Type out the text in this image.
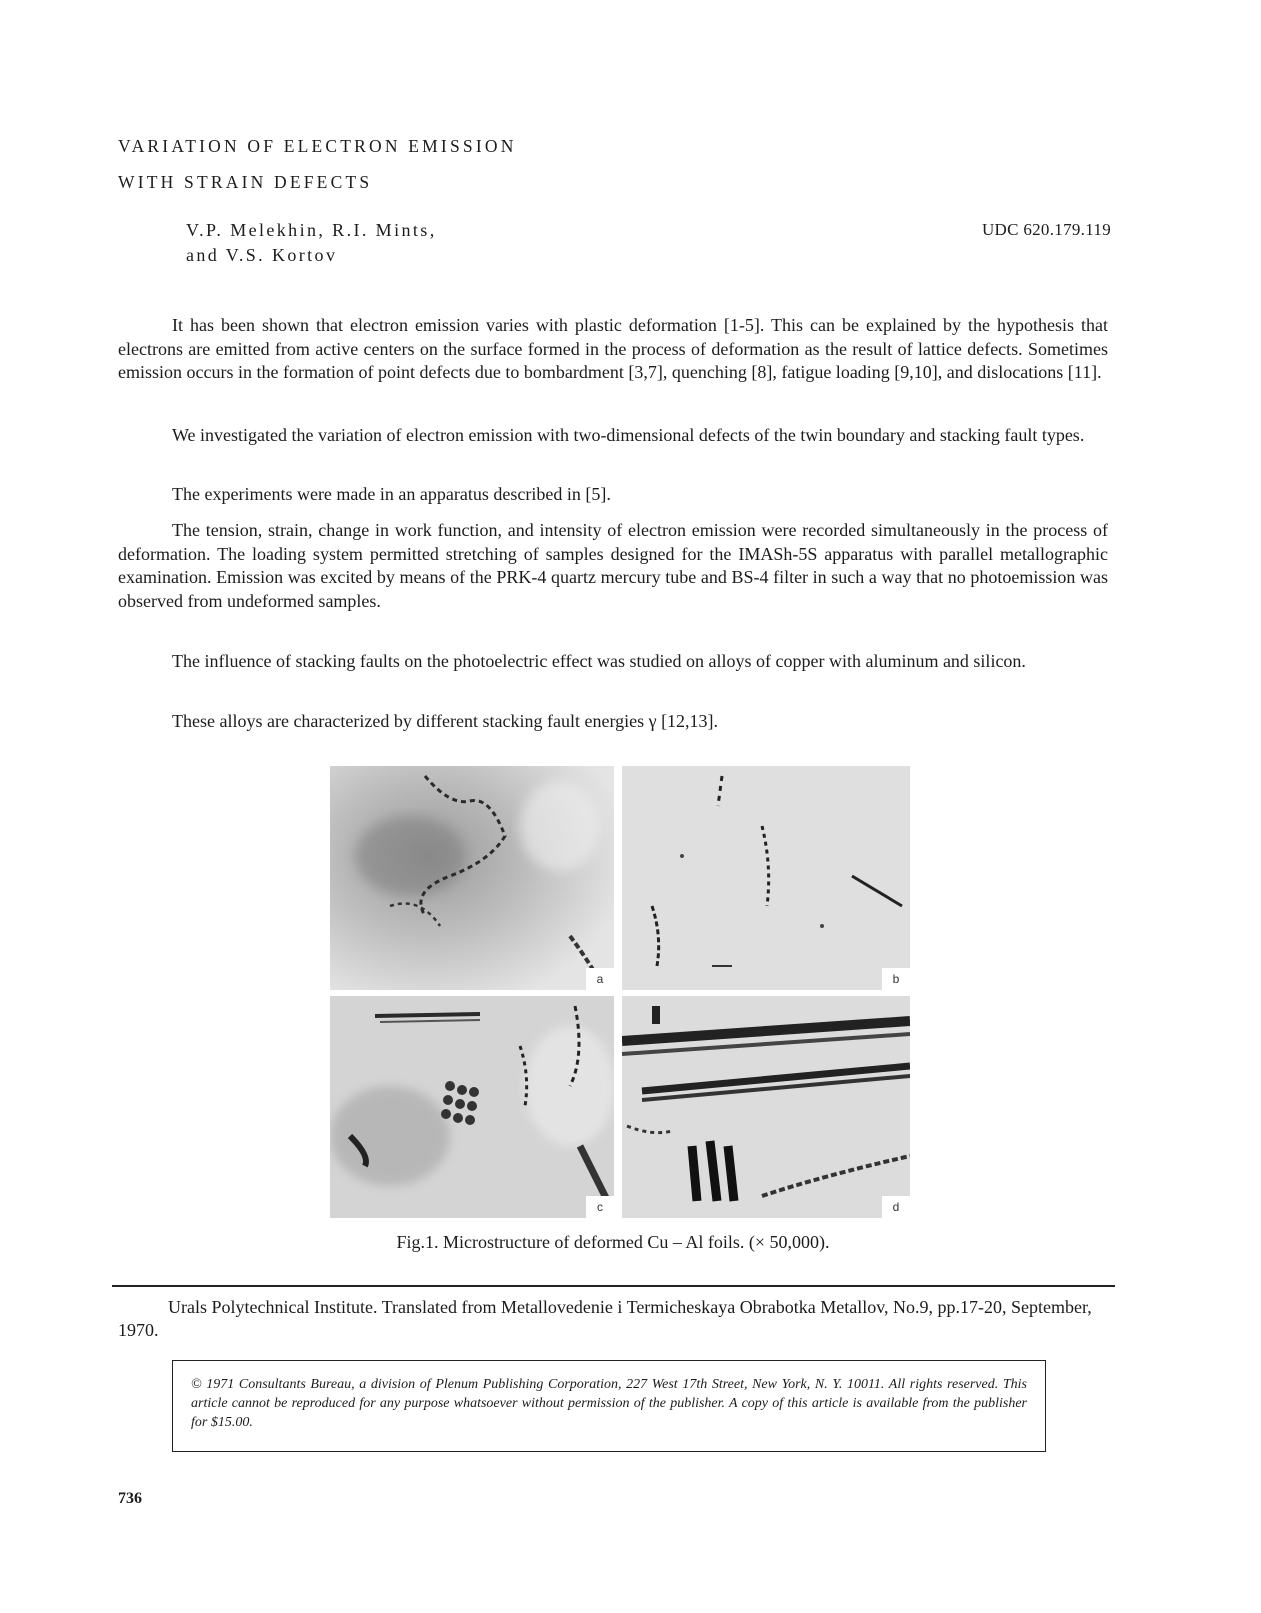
VARIATION OF ELECTRON EMISSION
WITH STRAIN DEFECTS
V.P. Melekhin, R.I. Mints,
and V.S. Kortov
UDC 620.179.119

It has been shown that electron emission varies with plastic deformation [1-5]. This can be explained by the hypothesis that electrons are emitted from active centers on the surface formed in the process of deformation as the result of lattice defects. Sometimes emission occurs in the formation of point defects due to bombardment [3,7], quenching [8], fatigue loading [9,10], and dislocations [11].

We investigated the variation of electron emission with two-dimensional defects of the twin boundary and stacking fault types.

The experiments were made in an apparatus described in [5].

The tension, strain, change in work function, and intensity of electron emission were recorded simultaneously in the process of deformation. The loading system permitted stretching of samples designed for the IMASh-5S apparatus with parallel metallographic examination. Emission was excited by means of the PRK-4 quartz mercury tube and BS-4 filter in such a way that no photoemission was observed from undeformed samples.

The influence of stacking faults on the photoelectric effect was studied on alloys of copper with aluminum and silicon.

These alloys are characterized by different stacking fault energies γ [12,13].

a	b
c	d
Fig.1. Microstructure of deformed Cu – Al foils. (× 50,000).

Urals Polytechnical Institute. Translated from Metallovedenie i Termicheskaya Obrabotka Metallov, No.9, pp.17-20, September, 1970.

© 1971 Consultants Bureau, a division of Plenum Publishing Corporation, 227 West 17th Street, New York, N. Y. 10011. All rights reserved. This article cannot be reproduced for any purpose whatsoever without permission of the publisher. A copy of this article is available from the publisher for $15.00.
736
